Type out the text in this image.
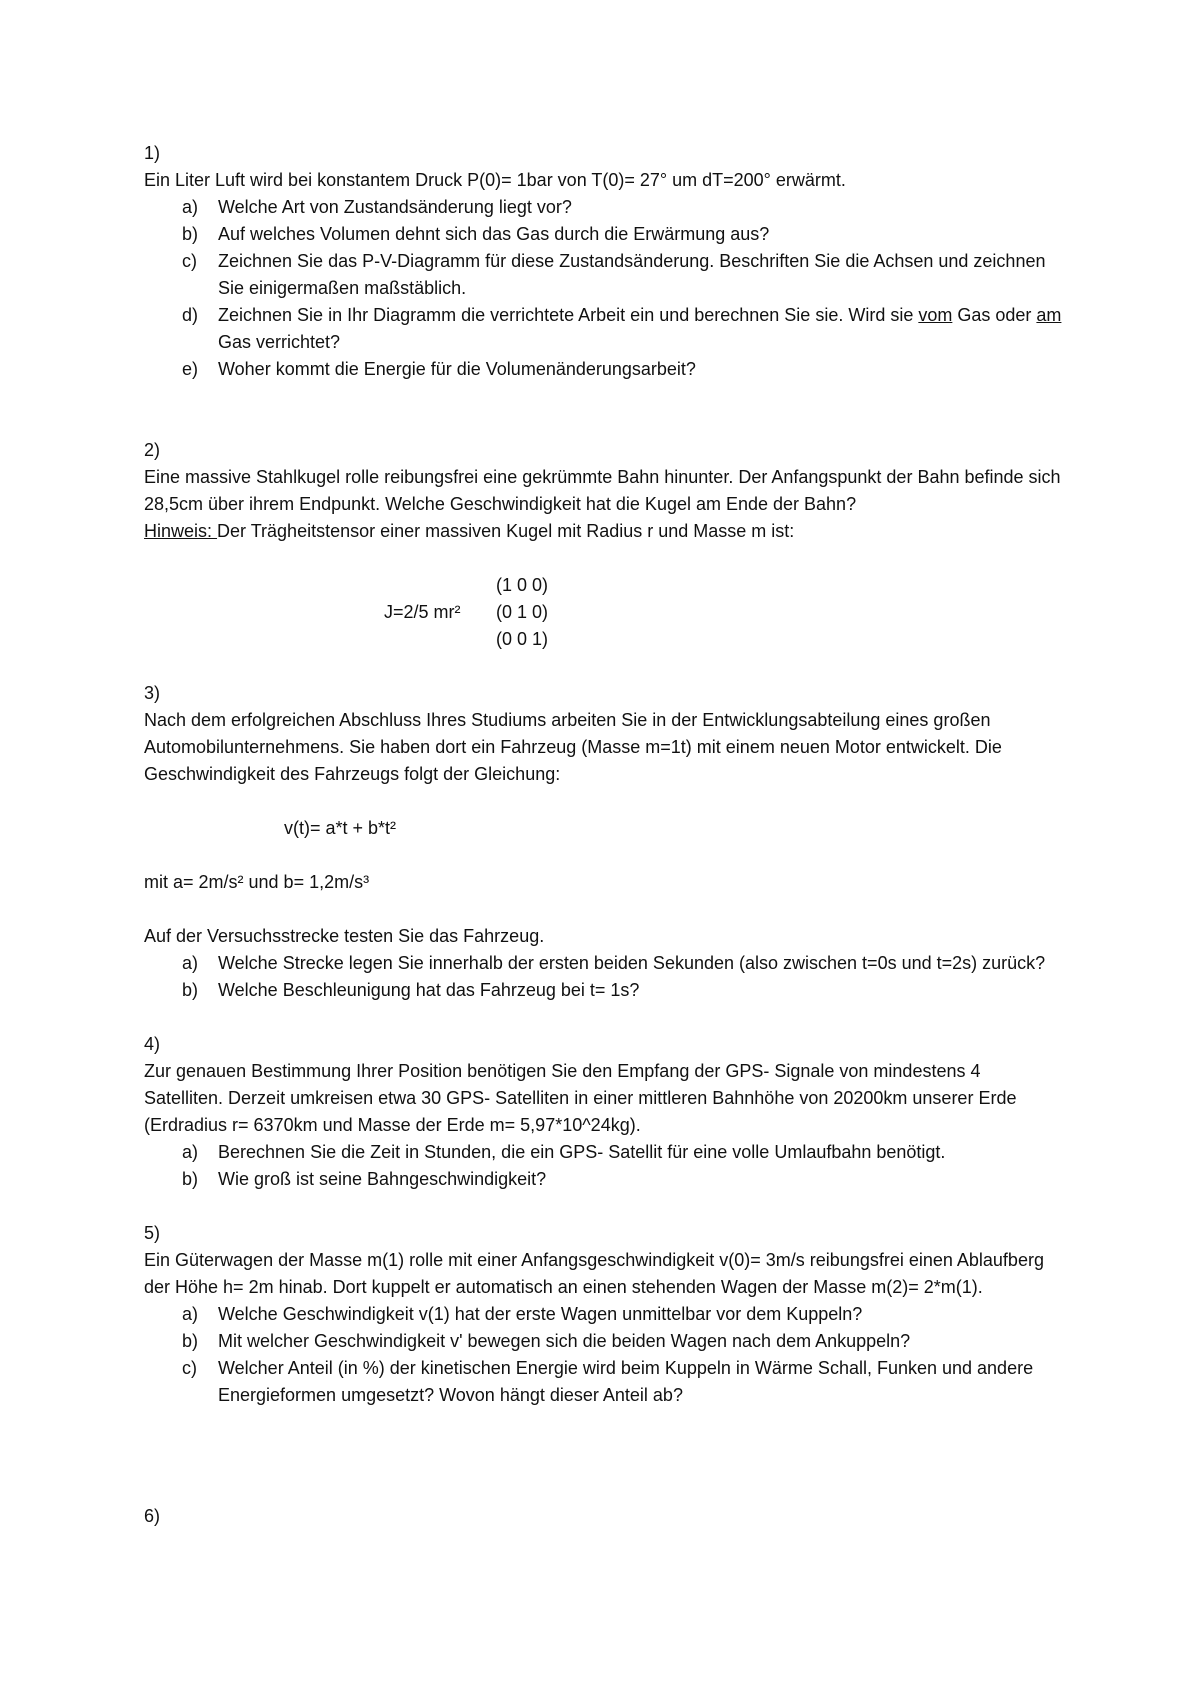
1)
Ein Liter Luft wird bei konstantem Druck P(0)= 1bar von T(0)= 27° um dT=200° erwärmt.
a) Welche Art von Zustandsänderung liegt vor?
b) Auf welches Volumen dehnt sich das Gas durch die Erwärmung aus?
c) Zeichnen Sie das P-V-Diagramm für diese Zustandsänderung. Beschriften Sie die Achsen und zeichnen Sie einigermaßen maßstäblich.
d) Zeichnen Sie in Ihr Diagramm die verrichtete Arbeit ein und berechnen Sie sie. Wird sie vom Gas oder am Gas verrichtet?
e) Woher kommt die Energie für die Volumenänderungsarbeit?
2)
Eine massive Stahlkugel rolle reibungsfrei eine gekrümmte Bahn hinunter. Der Anfangspunkt der Bahn befinde sich 28,5cm über ihrem Endpunkt. Welche Geschwindigkeit hat die Kugel am Ende der Bahn?
Hinweis: Der Trägheitstensor einer massiven Kugel mit Radius r und Masse m ist:
(1 0 0)
J=2/5 mr² (0 1 0)
(0 0 1)
3)
Nach dem erfolgreichen Abschluss Ihres Studiums arbeiten Sie in der Entwicklungsabteilung eines großen Automobilunternehmens. Sie haben dort ein Fahrzeug (Masse m=1t) mit einem neuen Motor entwickelt. Die Geschwindigkeit des Fahrzeugs folgt der Gleichung:
v(t)= a*t + b*t²
mit a= 2m/s² und b= 1,2m/s³
Auf der Versuchsstrecke testen Sie das Fahrzeug.
a) Welche Strecke legen Sie innerhalb der ersten beiden Sekunden (also zwischen t=0s und t=2s) zurück?
b) Welche Beschleunigung hat das Fahrzeug bei t= 1s?
4)
Zur genauen Bestimmung Ihrer Position benötigen Sie den Empfang der GPS- Signale von mindestens 4 Satelliten. Derzeit umkreisen etwa 30 GPS- Satelliten in einer mittleren Bahnhöhe von 20200km unserer Erde (Erdradius r= 6370km und Masse der Erde m= 5,97*10^24kg).
a) Berechnen Sie die Zeit in Stunden, die ein GPS- Satellit für eine volle Umlaufbahn benötigt.
b) Wie groß ist seine Bahngeschwindigkeit?
5)
Ein Güterwagen der Masse m(1) rolle mit einer Anfangsgeschwindigkeit v(0)= 3m/s reibungsfrei einen Ablaufberg der Höhe h= 2m hinab. Dort kuppelt er automatisch an einen stehenden Wagen der Masse m(2)= 2*m(1).
a) Welche Geschwindigkeit v(1) hat der erste Wagen unmittelbar vor dem Kuppeln?
b) Mit welcher Geschwindigkeit v' bewegen sich die beiden Wagen nach dem Ankuppeln?
c) Welcher Anteil (in %) der kinetischen Energie wird beim Kuppeln in Wärme Schall, Funken und andere Energieformen umgesetzt? Wovon hängt dieser Anteil ab?
6)
